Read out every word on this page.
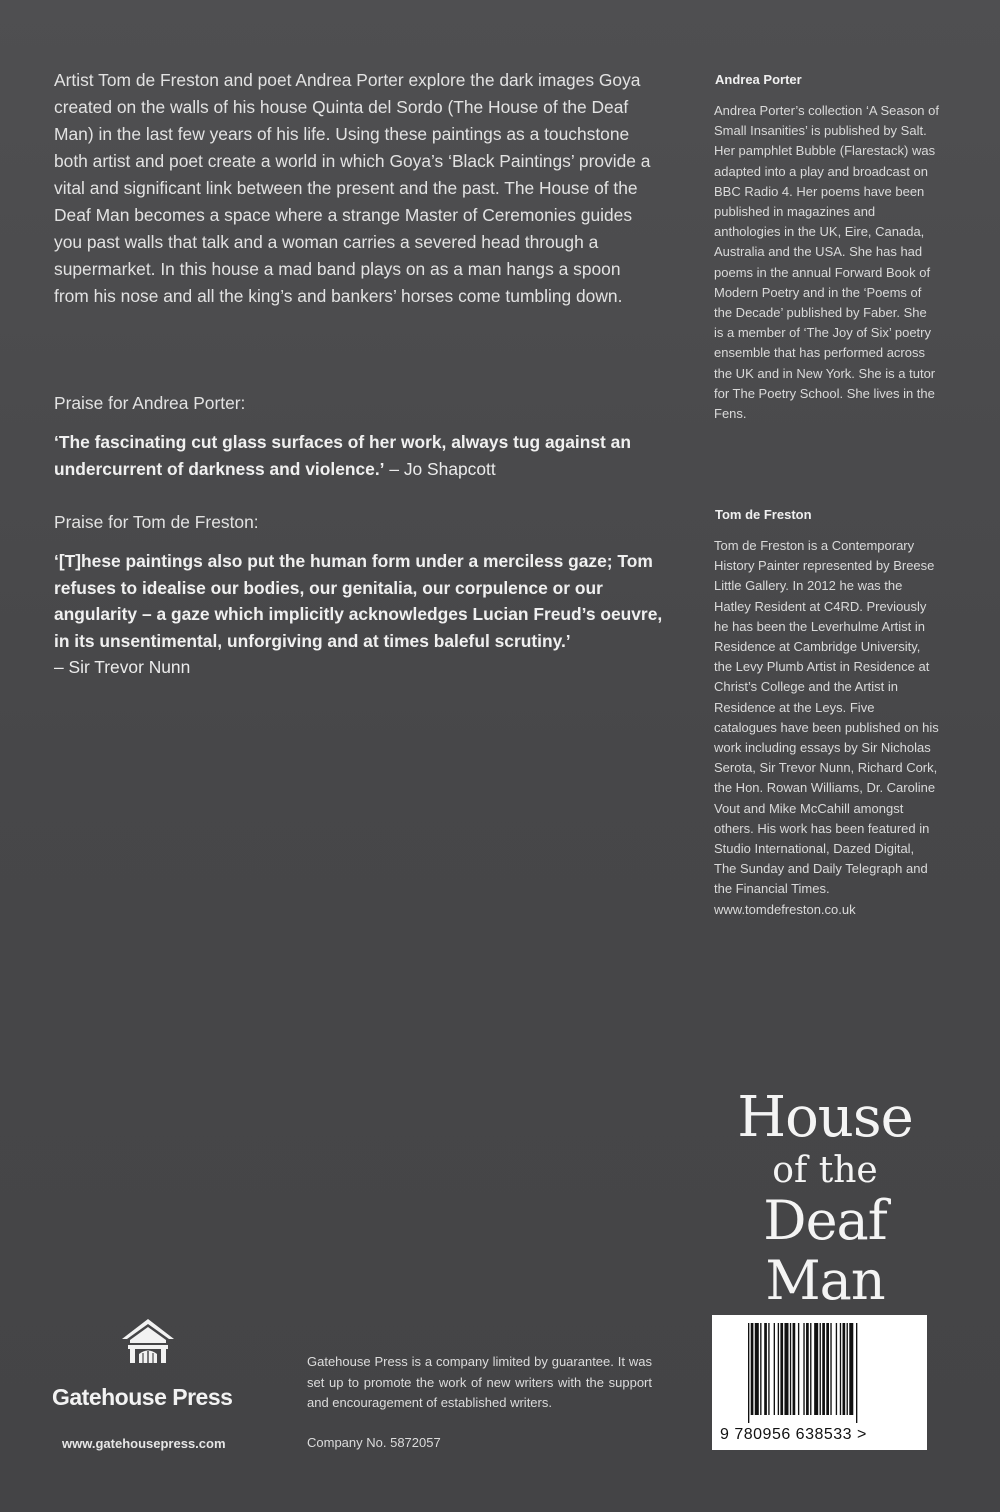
Artist Tom de Freston and poet Andrea Porter explore the dark images Goya created on the walls of his house Quinta del Sordo (The House of the Deaf Man) in the last few years of his life. Using these paintings as a touchstone both artist and poet create a world in which Goya’s ‘Black Paintings’ provide a vital and significant link between the present and the past. The House of the Deaf Man becomes a space where a strange Master of Ceremonies guides you past walls that talk and a woman carries a severed head through a supermarket. In this house a mad band plays on as a man hangs a spoon from his nose and all the king’s and bankers’ horses come tumbling down.

Praise for Andrea Porter:

‘The fascinating cut glass surfaces of her work, always tug against an undercurrent of darkness and violence.’ – Jo Shapcott

Praise for Tom de Freston:

‘[T]hese paintings also put the human form under a merciless gaze; Tom refuses to idealise our bodies, our genitalia, our corpulence or our angularity – a gaze which implicitly acknowledges Lucian Freud’s oeuvre, in its unsentimental, unforgiving and at times baleful scrutiny.’
– Sir Trevor Nunn

Andrea Porter

Andrea Porter’s collection ‘A Season of Small Insanities’ is published by Salt. Her pamphlet Bubble (Flarestack) was adapted into a play and broadcast on BBC Radio 4. Her poems have been published in magazines and anthologies in the UK, Eire, Canada, Australia and the USA. She has had poems in the annual Forward Book of Modern Poetry and in the ‘Poems of the Decade’ published by Faber. She is a member of ‘The Joy of Six’ poetry ensemble that has performed across the UK and in New York. She is a tutor for The Poetry School. She lives in the Fens.

Tom de Freston

Tom de Freston is a Contemporary History Painter represented by Breese Little Gallery. In 2012 he was the Hatley Resident at C4RD. Previously he has been the Leverhulme Artist in Residence at Cambridge University, the Levy Plumb Artist in Residence at Christ’s College and the Artist in Residence at the Leys. Five catalogues have been published on his work including essays by Sir Nicholas Serota, Sir Trevor Nunn, Richard Cork, the Hon. Rowan Williams, Dr. Caroline Vout and Mike McCahill amongst others. His work has been featured in Studio International, Dazed Digital, The Sunday and Daily Telegraph and the Financial Times.
www.tomdefreston.co.uk

House
of the
Deaf Man
9 780956 638533 >

Gatehouse Press

www.gatehousepress.com

Gatehouse Press is a company limited by guarantee. It was set up to promote the work of new writers with the support and encouragement of established writers.

Company No. 5872057
